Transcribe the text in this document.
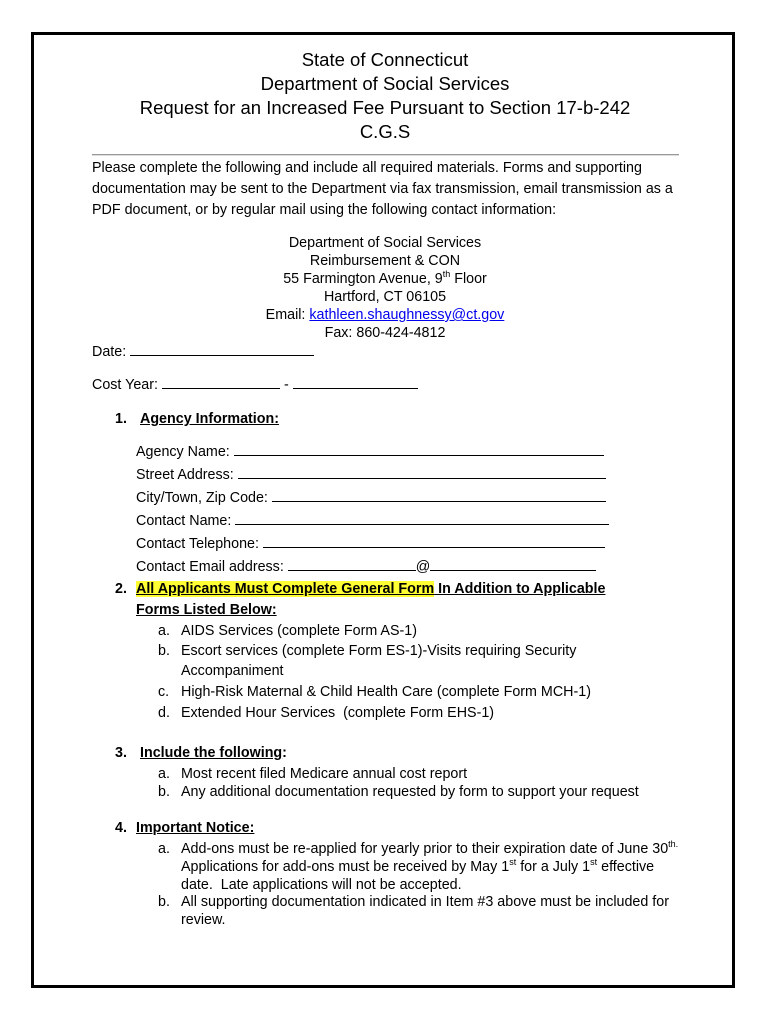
State of Connecticut
Department of Social Services
Request for an Increased Fee Pursuant to Section 17-b-242
C.G.S
Please complete the following and include all required materials. Forms and supporting documentation may be sent to the Department via fax transmission, email transmission as a PDF document, or by regular mail using the following contact information:
Department of Social Services
Reimbursement & CON
55 Farmington Avenue, 9th Floor
Hartford, CT 06105
Email: kathleen.shaughnessy@ct.gov
Fax: 860-424-4812
Date:
Cost Year:	-
1. Agency Information:
Agency Name:
Street Address:
City/Town, Zip Code:
Contact Name:
Contact Telephone:
Contact Email address:	@
2. All Applicants Must Complete General Form In Addition to Applicable
Forms Listed Below:
a. AIDS Services (complete Form AS-1)
b. Escort services (complete Form ES-1)-Visits requiring Security Accompaniment
c. High-Risk Maternal & Child Health Care (complete Form MCH-1)
d. Extended Hour Services  (complete Form EHS-1)
3. Include the following:
a. Most recent filed Medicare annual cost report
b. Any additional documentation requested by form to support your request
4. Important Notice:
a. Add-ons must be re-applied for yearly prior to their expiration date of June $30^{th.}$  Applications for add-ons must be received by May 1st for a July 1st effective date.  Late applications will not be accepted.
b. All supporting documentation indicated in Item #3 above must be included for review.
